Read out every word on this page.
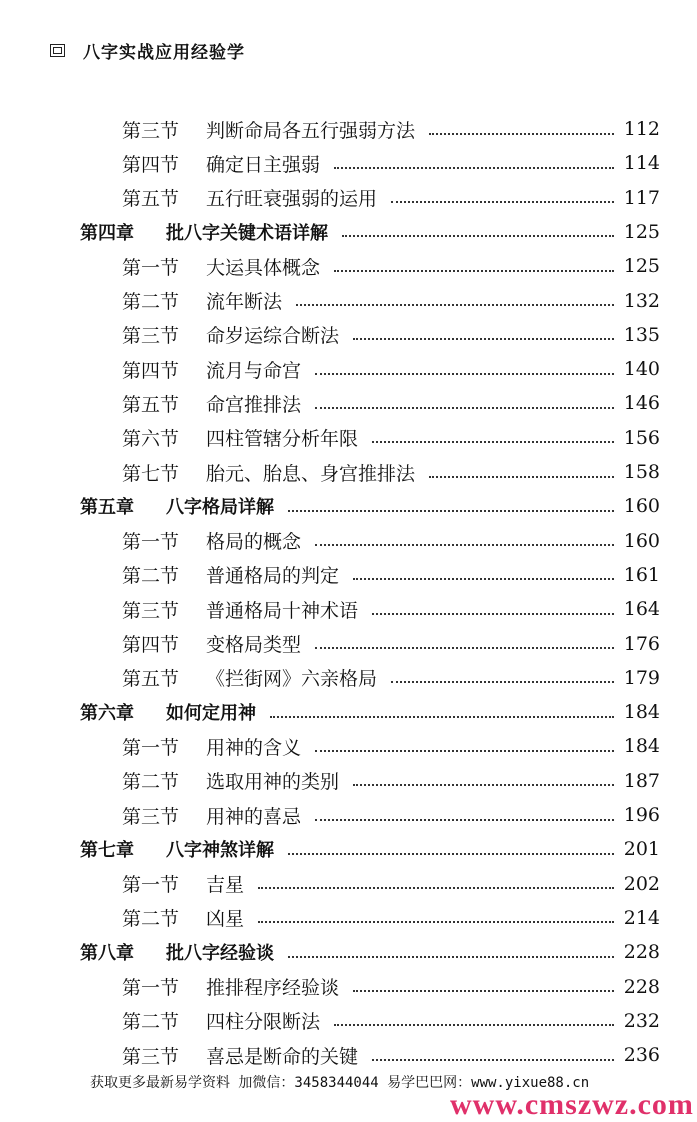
八字实战应用经验学
第三节	判断命局各五行强弱方法	112
第四节	确定日主强弱	114
第五节	五行旺衰强弱的运用	117
第四章	批八字关键术语详解	125
第一节	大运具体概念	125
第二节	流年断法	132
第三节	命岁运综合断法	135
第四节	流月与命宫	140
第五节	命宫推排法	146
第六节	四柱管辖分析年限	156
第七节	胎元、胎息、身宫推排法	158
第五章	八字格局详解	160
第一节	格局的概念	160
第二节	普通格局的判定	161
第三节	普通格局十神术语	164
第四节	变格局类型	176
第五节	《拦街网》六亲格局	179
第六章	如何定用神	184
第一节	用神的含义	184
第二节	选取用神的类别	187
第三节	用神的喜忌	196
第七章	八字神煞详解	201
第一节	吉星	202
第二节	凶星	214
第八章	批八字经验谈	228
第一节	推排程序经验谈	228
第二节	四柱分限断法	232
第三节	喜忌是断命的关键	236
获取更多最新易学资料 加微信：3458344044 易学巴巴网：www.yixue88.cn
www.cmszwz.com
